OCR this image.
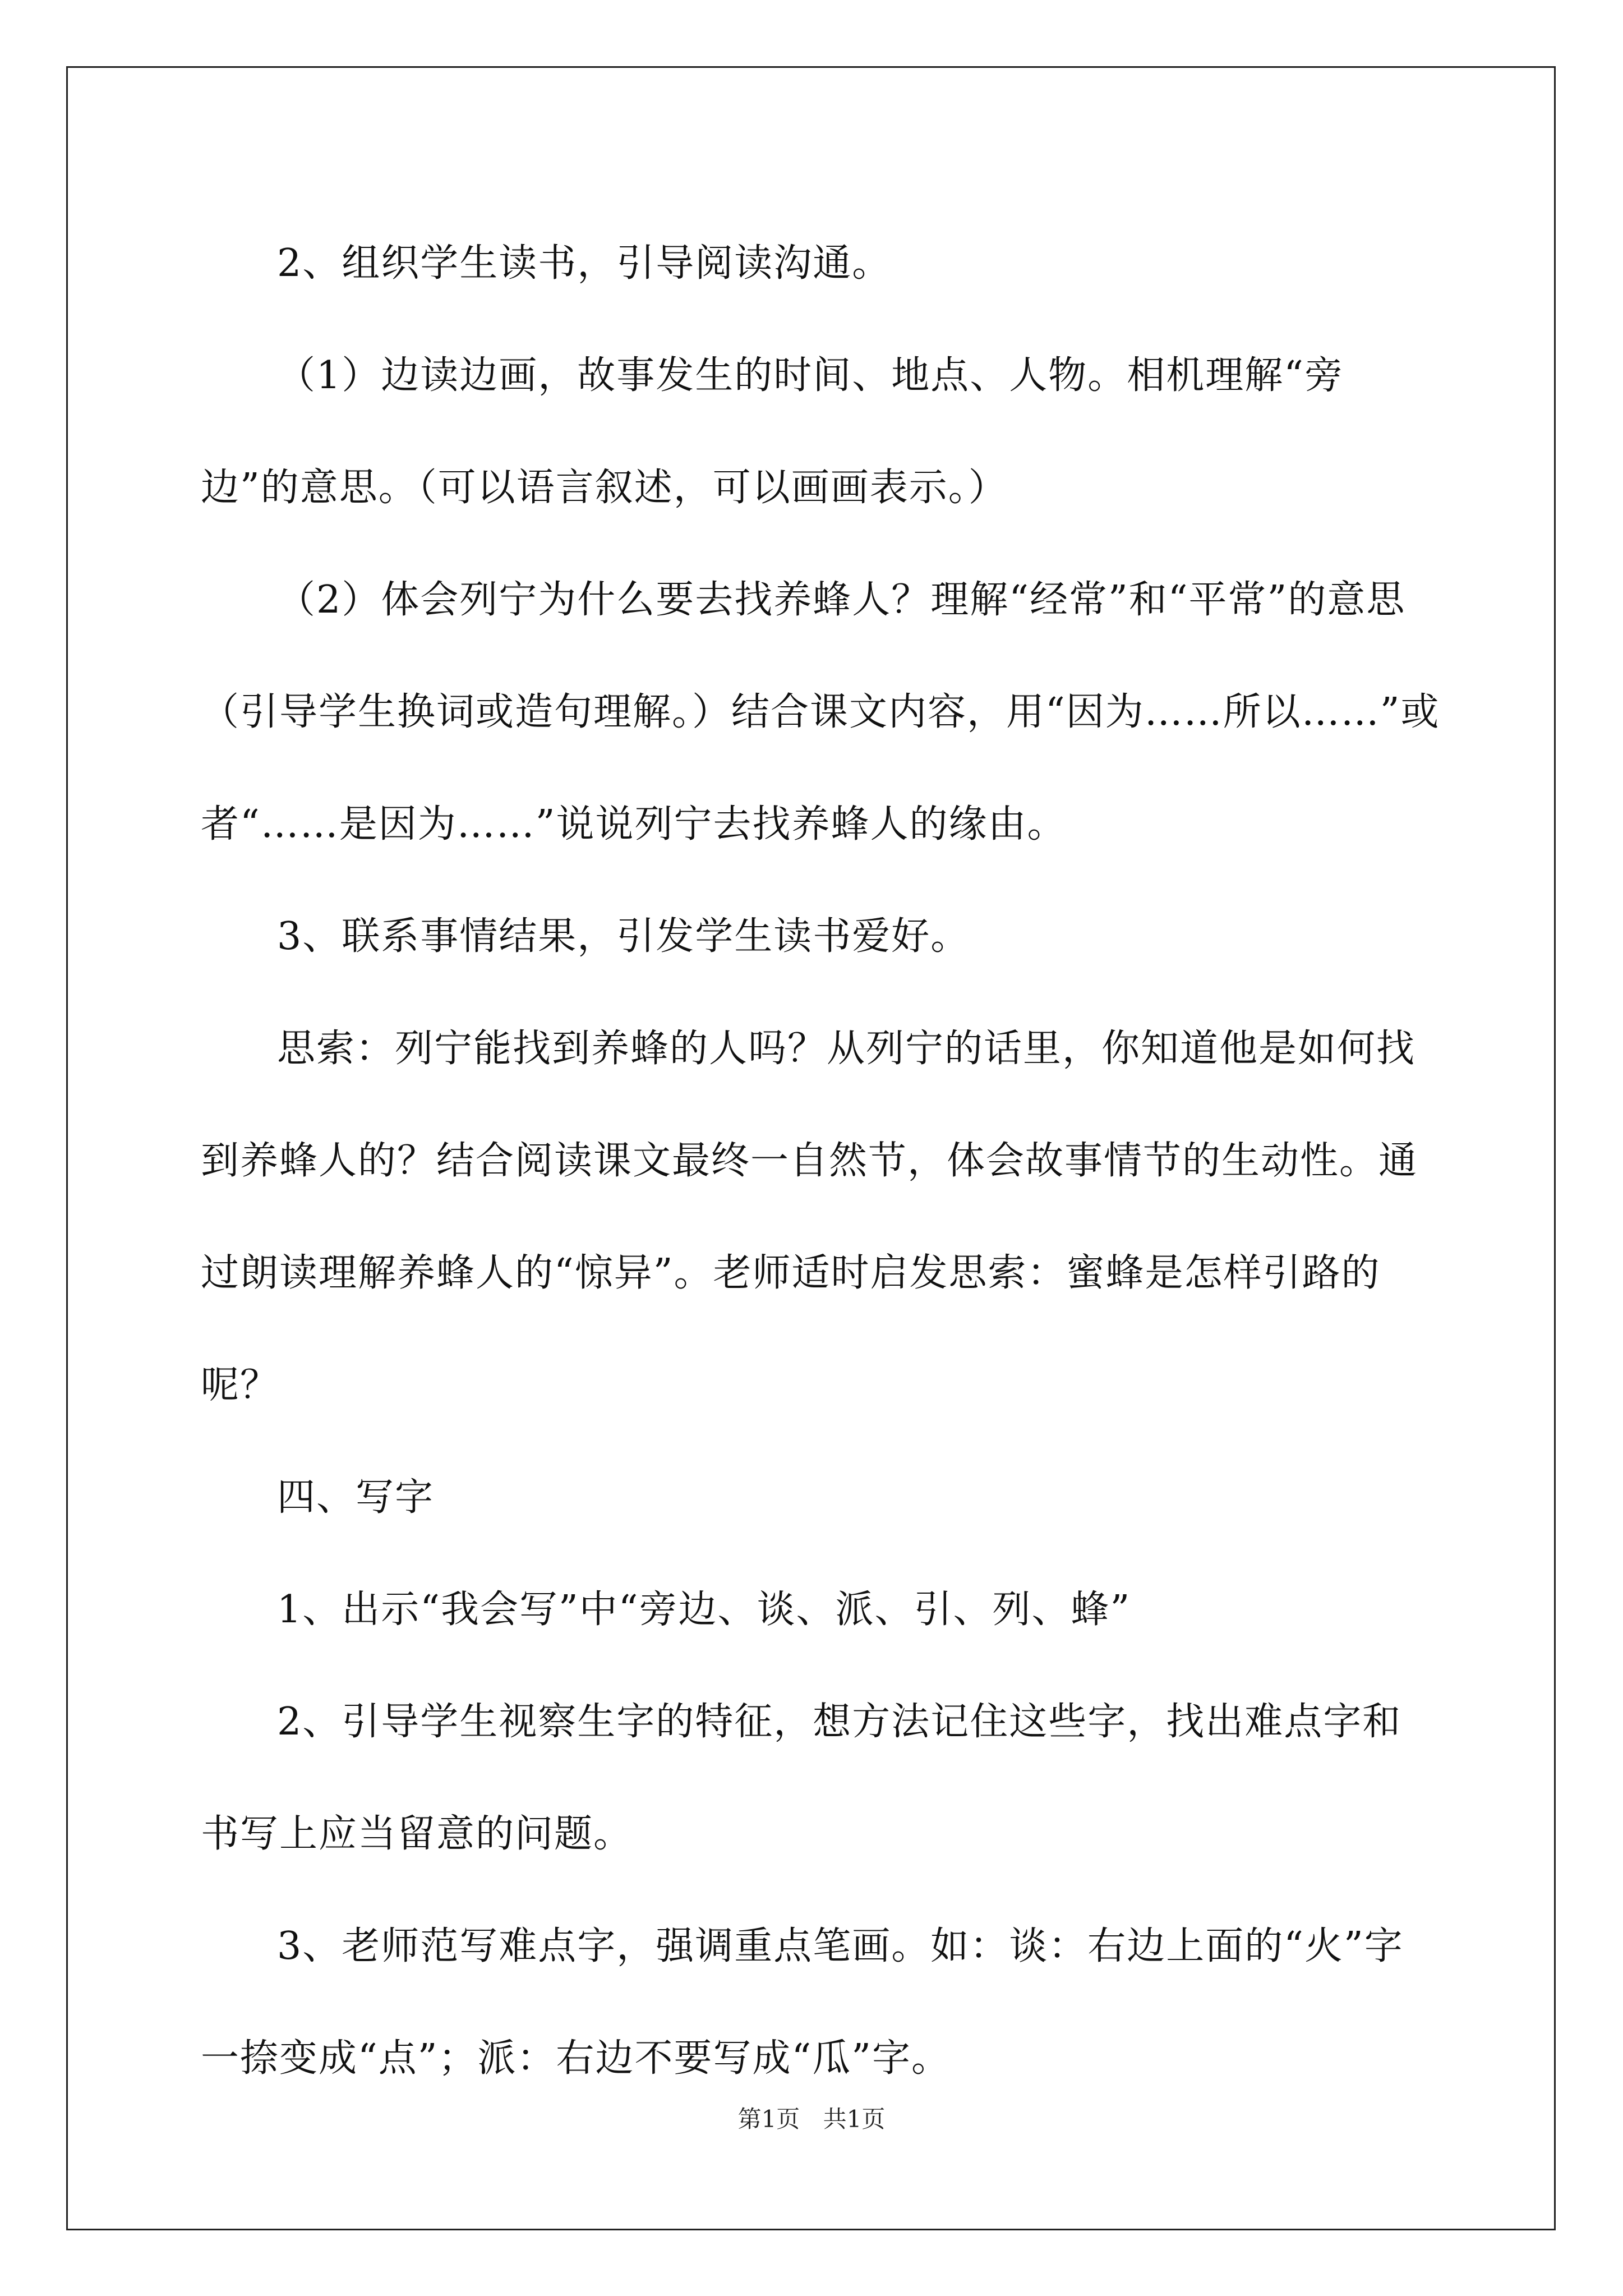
2、组织学生读书，引导阅读沟通。

（1）边读边画，故事发生的时间、地点、人物。相机理解“旁边”的意思。（可以语言叙述，可以画画表示。）

（2）体会列宁为什么要去找养蜂人？理解“经常”和“平常”的意思（引导学生换词或造句理解。）结合课文内容，用“因为……所以……”或者“……是因为……”说说列宁去找养蜂人的缘由。

3、联系事情结果，引发学生读书爱好。

思索：列宁能找到养蜂的人吗？从列宁的话里，你知道他是如何找到养蜂人的？结合阅读课文最终一自然节，体会故事情节的生动性。通过朗读理解养蜂人的“惊异”。老师适时启发思索：蜜蜂是怎样引路的呢？

四、写字

1、出示“我会写”中“旁边、谈、派、引、列、蜂”

2、引导学生视察生字的特征，想方法记住这些字，找出难点字和书写上应当留意的问题。

3、老师范写难点字，强调重点笔画。如：谈：右边上面的“火”字一捺变成“点”；派：右边不要写成“瓜”字。

第1页 共1页
